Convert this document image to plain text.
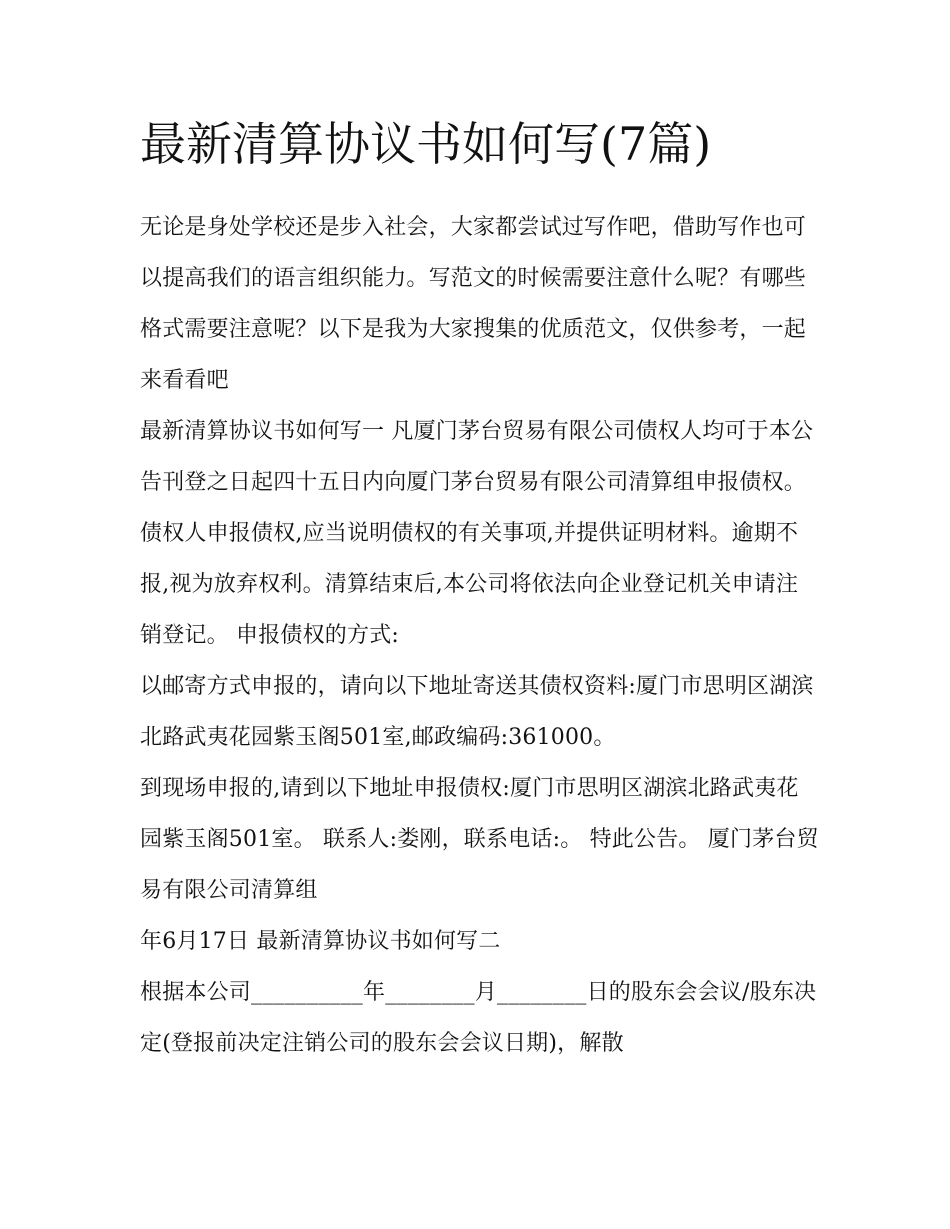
最新清算协议书如何写(7篇)

无论是身处学校还是步入社会，大家都尝试过写作吧，借助写作也可以提高我们的语言组织能力。写范文的时候需要注意什么呢？有哪些格式需要注意呢？以下是我为大家搜集的优质范文，仅供参考，一起来看看吧

最新清算协议书如何写一 凡厦门茅台贸易有限公司债权人均可于本公告刊登之日起四十五日内向厦门茅台贸易有限公司清算组申报债权。

债权人申报债权,应当说明债权的有关事项,并提供证明材料。逾期不报,视为放弃权利。清算结束后,本公司将依法向企业登记机关申请注销登记。 申报债权的方式:

以邮寄方式申报的，请向以下地址寄送其债权资料:厦门市思明区湖滨北路武夷花园紫玉阁501室,邮政编码:361000。

到现场申报的,请到以下地址申报债权:厦门市思明区湖滨北路武夷花园紫玉阁501室。 联系人:娄刚，联系电话:。 特此公告。 厦门茅台贸易有限公司清算组

年6月17日 最新清算协议书如何写二

根据本公司__________年________月________日的股东会会议/股东决定(登报前决定注销公司的股东会会议日期)，解散
